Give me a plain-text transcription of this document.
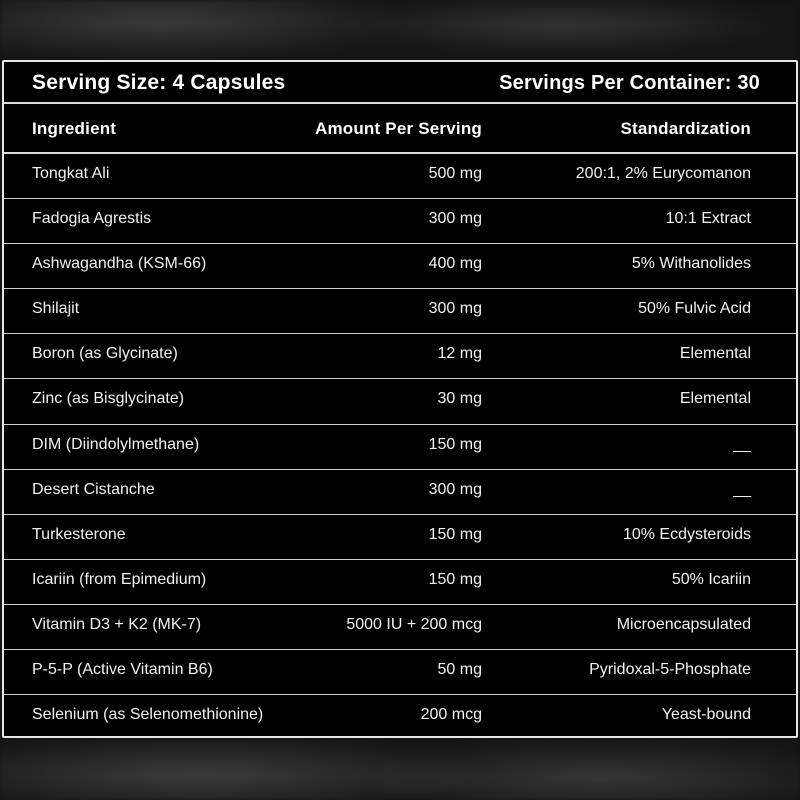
Serving Size: 4 Capsules	Servings Per Container: 30
Ingredient	Amount Per Serving	Standardization
Tongkat Ali	500 mg	200:1, 2% Eurycomanon
Fadogia Agrestis	300 mg	10:1 Extract
Ashwagandha (KSM-66)	400 mg	5% Withanolides
Shilajit	300 mg	50% Fulvic Acid
Boron (as Glycinate)	12 mg	Elemental
Zinc (as Bisglycinate)	30 mg	Elemental
DIM (Diindolylmethane)	150 mg	__
Desert Cistanche	300 mg	__
Turkesterone	150 mg	10% Ecdysteroids
Icariin (from Epimedium)	150 mg	50% Icariin
Vitamin D3 + K2 (MK-7)	5000 IU + 200 mcg	Microencapsulated
P-5-P (Active Vitamin B6)	50 mg	Pyridoxal-5-Phosphate
Selenium (as Selenomethionine)	200 mcg	Yeast-bound
